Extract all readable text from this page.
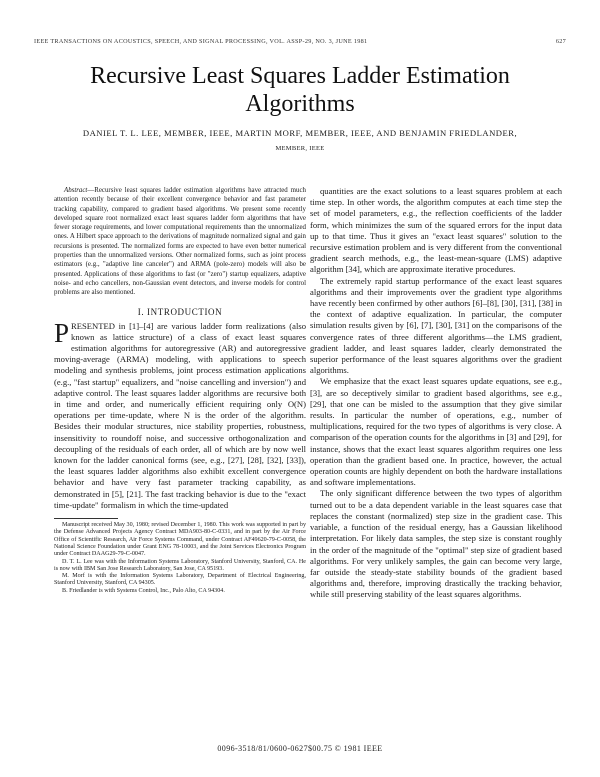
IEEE TRANSACTIONS ON ACOUSTICS, SPEECH, AND SIGNAL PROCESSING, VOL. ASSP-29, NO. 3, JUNE 1981	627
Recursive Least Squares Ladder Estimation Algorithms
DANIEL T. L. LEE, MEMBER, IEEE, MARTIN MORF, MEMBER, IEEE, AND BENJAMIN FRIEDLANDER,
MEMBER, IEEE

Abstract—Recursive least squares ladder estimation algorithms have attracted much attention recently because of their excellent convergence behavior and fast parameter tracking capability, compared to gradient based algorithms. We present some recently developed square root normalized exact least squares ladder form algorithms that have fewer storage requirements, and lower computational requirements than the unnormalized ones. A Hilbert space approach to the derivations of magnitude normalized signal and gain recursions is presented. The normalized forms are expected to have even better numerical properties than the unnormalized versions. Other normalized forms, such as joint process estimators (e.g., "adaptive line canceler") and ARMA (pole-zero) models will also be presented. Applications of these algorithms to fast (or "zero") startup equalizers, adaptive noise- and echo cancellers, non-Gaussian event detectors, and inverse models for control problems are also mentioned.

I. INTRODUCTION

PRESENTED in [1]–[4] are various ladder form realizations (also known as lattice structure) of a class of exact least squares estimation algorithms for autoregressive (AR) and autoregressive moving-average (ARMA) modeling, with applications to speech modeling and synthesis problems, joint process estimation applications (e.g., "fast startup" equalizers, and "noise cancelling and inversion") and adaptive control. The least squares ladder algorithms are recursive both in time and order, and numerically efficient requiring only O(N) operations per time-update, where N is the order of the algorithm. Besides their modular structures, nice stability properties, robustness, insensitivity to roundoff noise, and successive orthogonalization and decoupling of the residuals of each order, all of which are by now well known for the ladder canonical forms (see, e.g., [27], [28], [32], [33]), the least squares ladder algorithms also exhibit excellent convergence behavior and have very fast parameter tracking capability, as demonstrated in [5], [21]. The fast tracking behavior is due to the "exact time-update" formalism in which the time-updated

Manuscript received May 30, 1980; revised December 1, 1980. This work was supported in part by the Defense Advanced Projects Agency Contract MDA903-80-C-0331, and in part by the Air Force Office of Scientific Research, Air Force Systems Command, under Contract AF49620-79-C-0058, the National Science Foundation under Grant ENG 78-10003, and the Joint Services Electronics Program under Contract DAAG29-79-C-0047.

D. T. L. Lee was with the Information Systems Laboratory, Stanford University, Stanford, CA. He is now with IBM San Jose Research Laboratory, San Jose, CA 95193.

M. Morf is with the Information Systems Laboratory, Department of Electrical Engineering, Stanford University, Stanford, CA 94305.

B. Friedlander is with Systems Control, Inc., Palo Alto, CA 94304.

quantities are the exact solutions to a least squares problem at each time step. In other words, the algorithm computes at each time step the set of model parameters, e.g., the reflection coefficients of the ladder form, which minimizes the sum of the squared errors for the input data up to that time. Thus it gives an "exact least squares" solution to the recursive estimation problem and is very different from the conventional gradient search methods, e.g., the least-mean-square (LMS) adaptive algorithm [34], which are approximate iterative procedures.

The extremely rapid startup performance of the exact least squares algorithms and their improvements over the gradient type algorithms have recently been confirmed by other authors [6]–[8], [30], [31], [38] in the context of adaptive equalization. In particular, the computer simulation results given by [6], [7], [30], [31] on the comparisons of the convergence rates of three different algorithms—the LMS gradient, gradient ladder, and least squares ladder, clearly demonstrated the superior performance of the least squares algorithms over the gradient algorithms.

We emphasize that the exact least squares update equations, see e.g., [3], are so deceptively similar to gradient based algorithms, see e.g., [29], that one can be misled to the assumption that they give similar results. In particular the number of operations, e.g., number of multiplications, required for the two types of algorithms is very close. A comparison of the operation counts for the algorithms in [3] and [29], for instance, shows that the exact least squares algorithm requires one less operation than the gradient based one. In practice, however, the actual operation counts are highly dependent on both the hardware installations and software implementations.

The only significant difference between the two types of algorithm turned out to be a data dependent variable in the least squares case that replaces the constant (normalized) step size in the gradient case. This variable, a function of the residual energy, has a Gaussian likelihood interpretation. For likely data samples, the step size is constant roughly in the order of the magnitude of the "optimal" step size of gradient based algorithms. For very unlikely samples, the gain can become very large, far outside the steady-state stability bounds of the gradient based algorithms and, therefore, improving drastically the tracking behavior, while still preserving stability of the least squares algorithms.

0096-3518/81/0600-0627$00.75 © 1981 IEEE
